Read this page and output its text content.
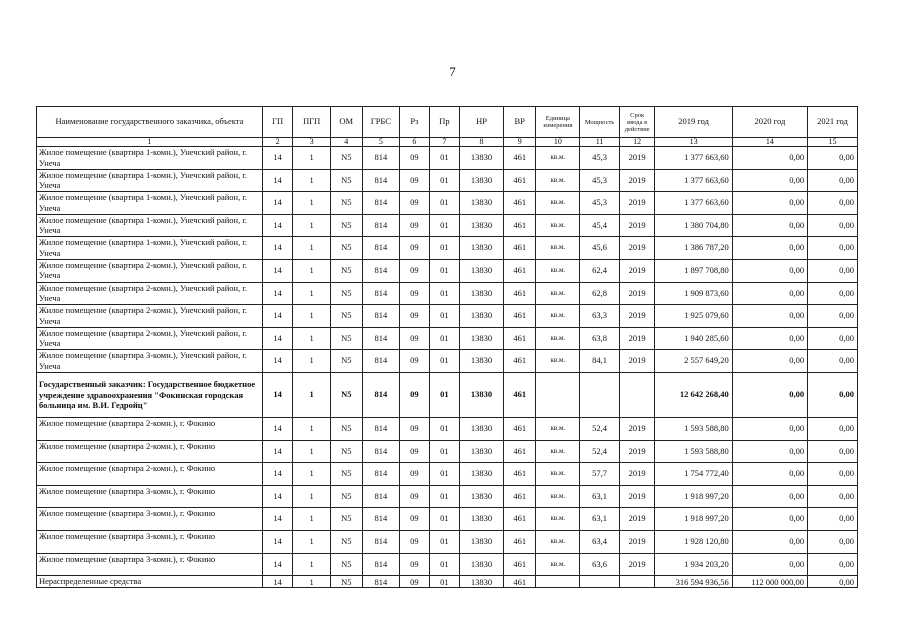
7
Наименование государственного заказчика, объекта	ГП	ПГП	ОМ	ГРБС	Рз	Пр	НР	ВР	Единица измерения	Мощность	Срок ввода в действие	2019 год	2020 год	2021 год
1	2	3	4	5	6	7	8	9	10	11	12	13	14	15
Жилое помещение (квартира 1-комн.), Унечский район, г. Унеча	14	1	N5	814	09	01	13830	461	кв.м.	45,3	2019	1 377 663,60	0,00	0,00
Жилое помещение (квартира 1-комн.), Унечский район, г. Унеча	14	1	N5	814	09	01	13830	461	кв.м.	45,3	2019	1 377 663,60	0,00	0,00
Жилое помещение (квартира 1-комн.), Унечский район, г. Унеча	14	1	N5	814	09	01	13830	461	кв.м.	45,3	2019	1 377 663,60	0,00	0,00
Жилое помещение (квартира 1-комн.), Унечский район, г. Унеча	14	1	N5	814	09	01	13830	461	кв.м.	45,4	2019	1 380 704,80	0,00	0,00
Жилое помещение (квартира 1-комн.), Унечский район, г. Унеча	14	1	N5	814	09	01	13830	461	кв.м.	45,6	2019	1 386 787,20	0,00	0,00
Жилое помещение (квартира 2-комн.), Унечский район, г. Унеча	14	1	N5	814	09	01	13830	461	кв.м.	62,4	2019	1 897 708,80	0,00	0,00
Жилое помещение (квартира 2-комн.), Унечский район, г. Унеча	14	1	N5	814	09	01	13830	461	кв.м.	62,8	2019	1 909 873,60	0,00	0,00
Жилое помещение (квартира 2-комн.), Унечский район, г. Унеча	14	1	N5	814	09	01	13830	461	кв.м.	63,3	2019	1 925 079,60	0,00	0,00
Жилое помещение (квартира 2-комн.), Унечский район, г. Унеча	14	1	N5	814	09	01	13830	461	кв.м.	63,8	2019	1 940 285,60	0,00	0,00
Жилое помещение (квартира 3-комн.), Унечский район, г. Унеча	14	1	N5	814	09	01	13830	461	кв.м.	84,1	2019	2 557 649,20	0,00	0,00
Государственный заказчик: Государственное бюджетное учреждение здравоохранения "Фокинская городская больница им. В.И. Гедройц"	14	1	N5	814	09	01	13830	461				12 642 268,40	0,00	0,00
Жилое помещение (квартира 2-комн.), г. Фокино	14	1	N5	814	09	01	13830	461	кв.м.	52,4	2019	1 593 588,80	0,00	0,00
Жилое помещение (квартира 2-комн.), г. Фокино	14	1	N5	814	09	01	13830	461	кв.м.	52,4	2019	1 593 588,80	0,00	0,00
Жилое помещение (квартира 2-комн.), г. Фокино	14	1	N5	814	09	01	13830	461	кв.м.	57,7	2019	1 754 772,40	0,00	0,00
Жилое помещение (квартира 3-комн.), г. Фокино	14	1	N5	814	09	01	13830	461	кв.м.	63,1	2019	1 918 997,20	0,00	0,00
Жилое помещение (квартира 3-комн.), г. Фокино	14	1	N5	814	09	01	13830	461	кв.м.	63,1	2019	1 918 997,20	0,00	0,00
Жилое помещение (квартира 3-комн.), г. Фокино	14	1	N5	814	09	01	13830	461	кв.м.	63,4	2019	1 928 120,80	0,00	0,00
Жилое помещение (квартира 3-комн.), г. Фокино	14	1	N5	814	09	01	13830	461	кв.м.	63,6	2019	1 934 203,20	0,00	0,00
Нераспределенные средства	14	1	N5	814	09	01	13830	461				316 594 936,56	112 000 000,00	0,00
